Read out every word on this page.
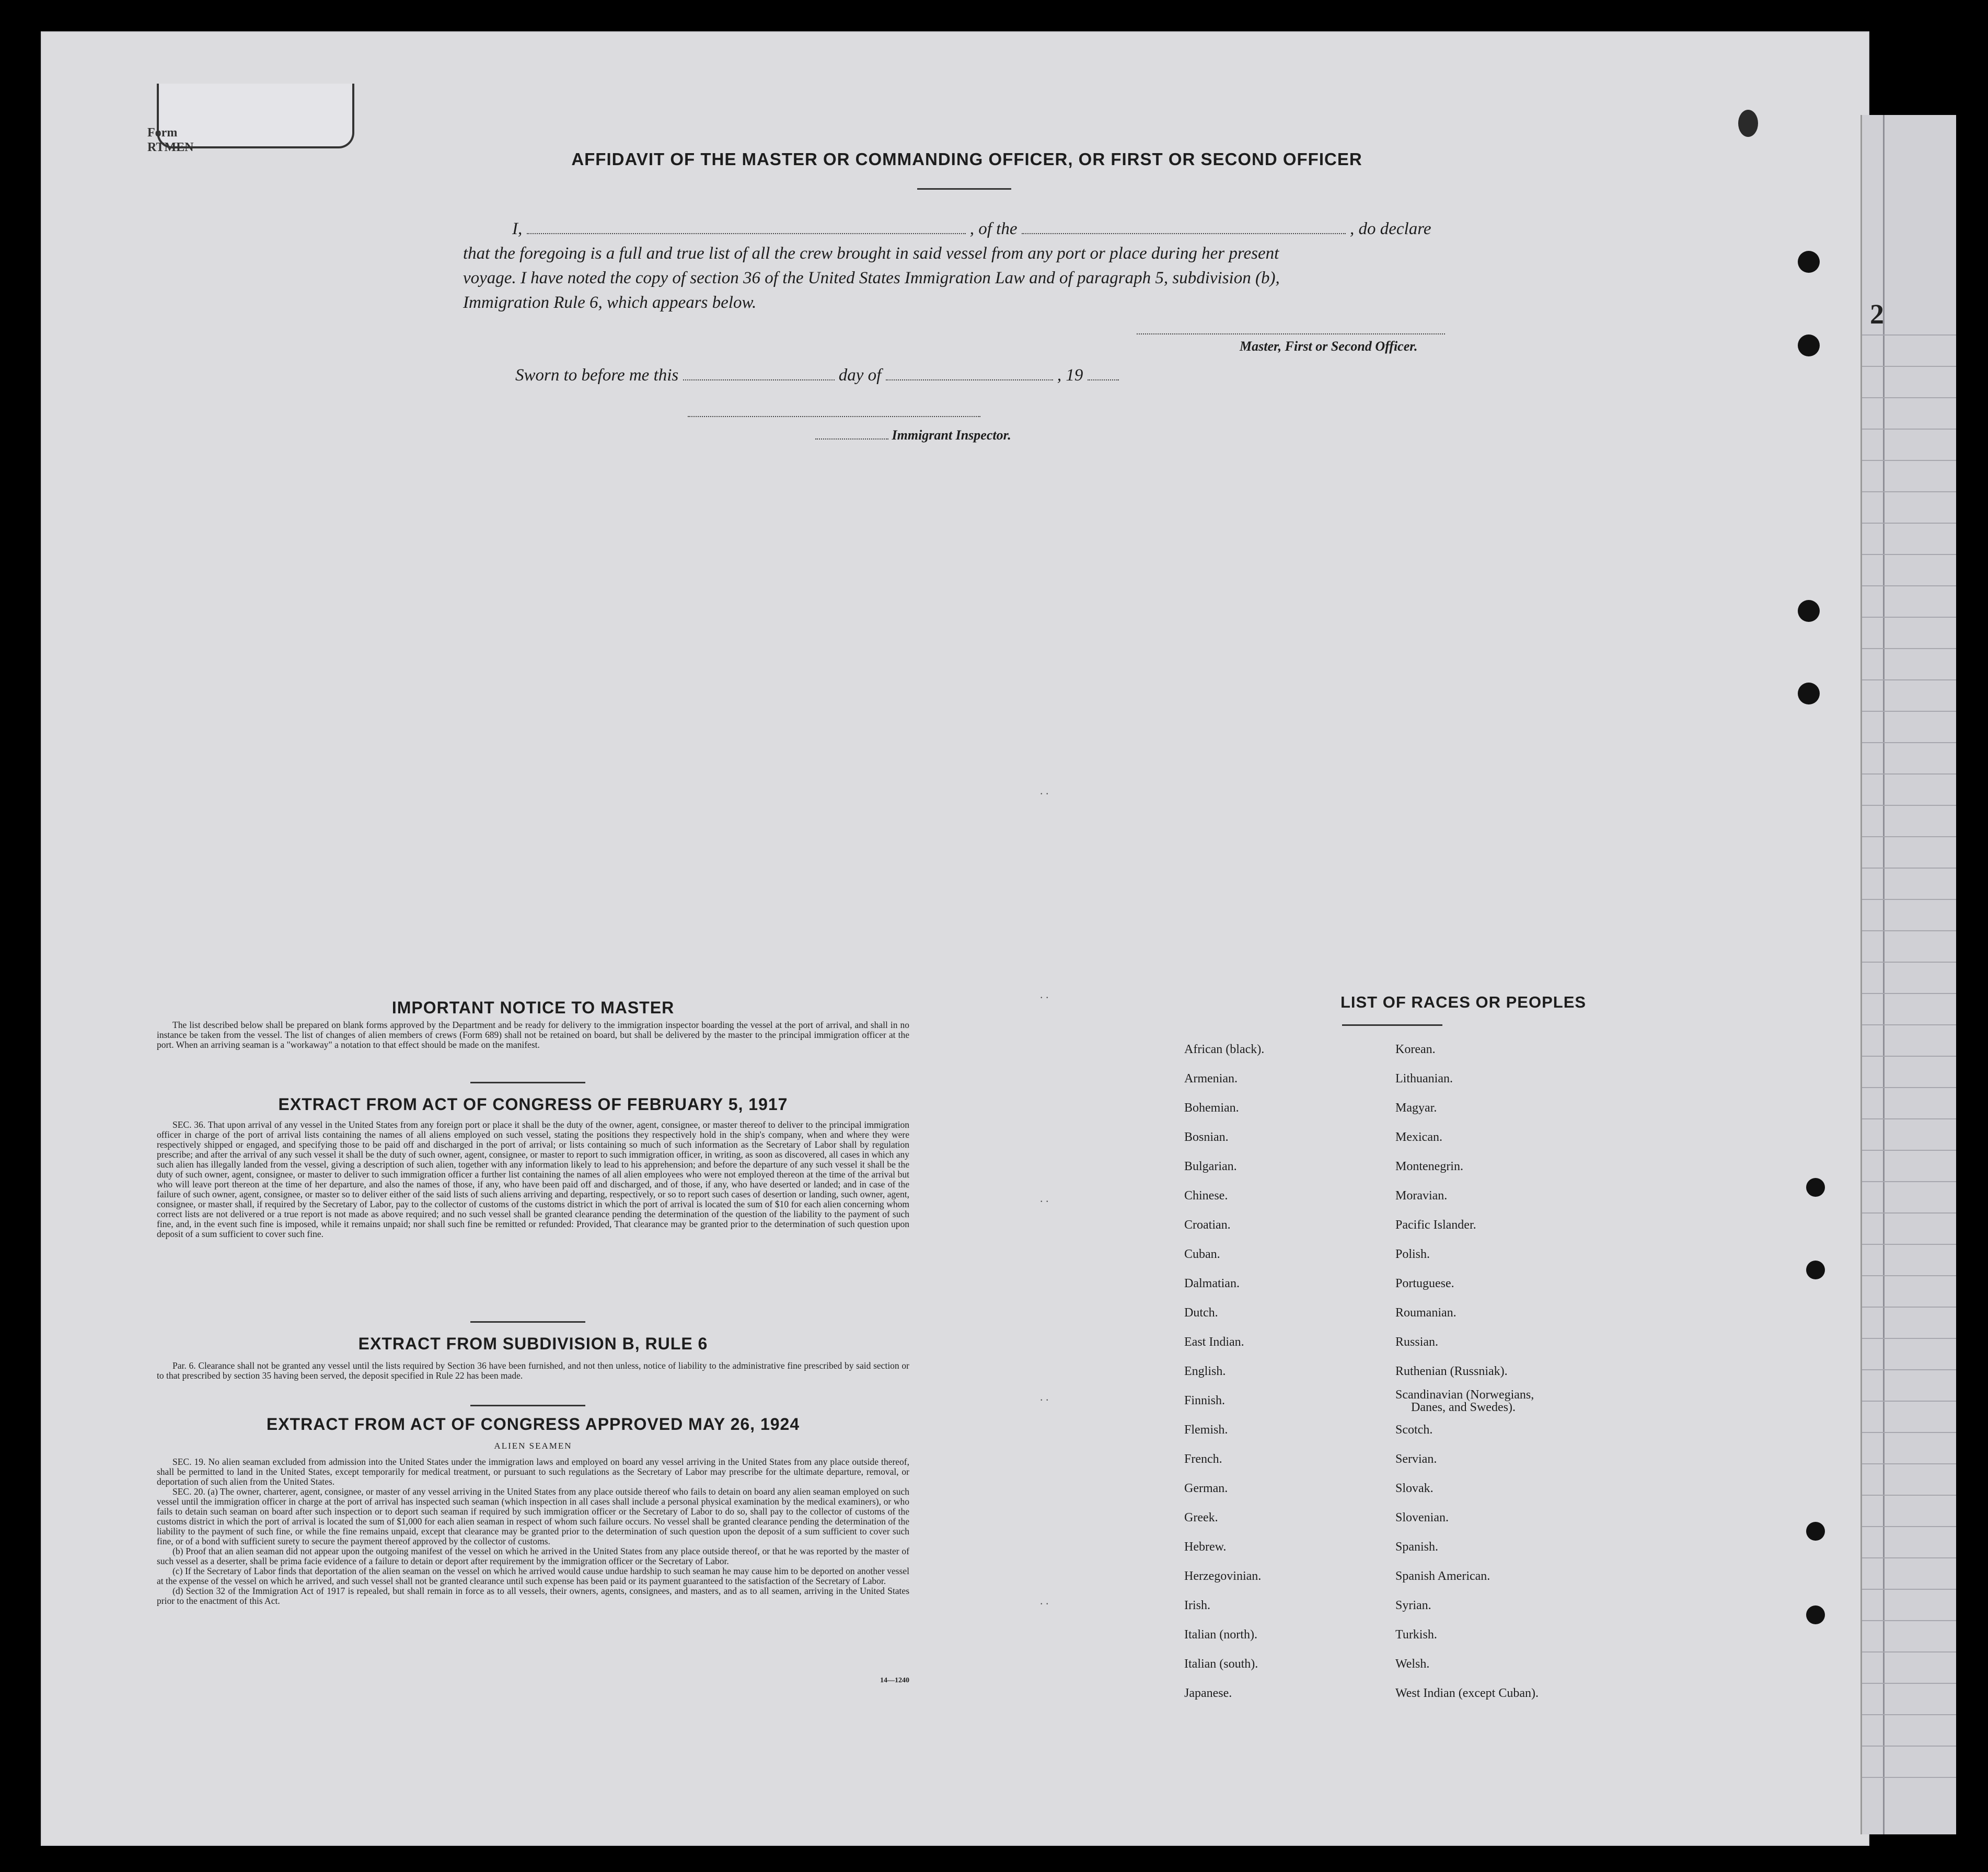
2
Form
RTMEN
AFFIDAVIT OF THE MASTER OR COMMANDING OFFICER, OR FIRST OR SECOND OFFICER
I,	, of the	, do declare
that the foregoing is a full and true list of all the crew brought in said vessel from any port or place during her present
voyage. I have noted the copy of section 36 of the United States Immigration Law and of paragraph 5, subdivision (b),
Immigration Rule 6, which appears below.
Master, First or Second Officer.
Sworn to before me this	day of	, 19
Immigrant Inspector.
IMPORTANT NOTICE TO MASTER

The list described below shall be prepared on blank forms approved by the Department and be ready for delivery to the immigration inspector boarding the vessel at the port of arrival, and shall in no instance be taken from the vessel. The list of changes of alien members of crews (Form 689) shall not be retained on board, but shall be delivered by the master to the principal immigration officer at the port. When an arriving seaman is a "workaway" a notation to that effect should be made on the manifest.

EXTRACT FROM ACT OF CONGRESS OF FEBRUARY 5, 1917

SEC. 36. That upon arrival of any vessel in the United States from any foreign port or place it shall be the duty of the owner, agent, consignee, or master thereof to deliver to the principal immigration officer in charge of the port of arrival lists containing the names of all aliens employed on such vessel, stating the positions they respectively hold in the ship's company, when and where they were respectively shipped or engaged, and specifying those to be paid off and discharged in the port of arrival; or lists containing so much of such information as the Secretary of Labor shall by regulation prescribe; and after the arrival of any such vessel it shall be the duty of such owner, agent, consignee, or master to report to such immigration officer, in writing, as soon as discovered, all cases in which any such alien has illegally landed from the vessel, giving a description of such alien, together with any information likely to lead to his apprehension; and before the departure of any such vessel it shall be the duty of such owner, agent, consignee, or master to deliver to such immigration officer a further list containing the names of all alien employees who were not employed thereon at the time of the arrival but who will leave port thereon at the time of her departure, and also the names of those, if any, who have been paid off and discharged, and of those, if any, who have deserted or landed; and in case of the failure of such owner, agent, consignee, or master so to deliver either of the said lists of such aliens arriving and departing, respectively, or so to report such cases of desertion or landing, such owner, agent, consignee, or master shall, if required by the Secretary of Labor, pay to the collector of customs of the customs district in which the port of arrival is located the sum of $10 for each alien concerning whom correct lists are not delivered or a true report is not made as above required; and no such vessel shall be granted clearance pending the determination of the question of the liability to the payment of such fine, and, in the event such fine is imposed, while it remains unpaid; nor shall such fine be remitted or refunded: Provided, That clearance may be granted prior to the determination of such question upon deposit of a sum sufficient to cover such fine.

EXTRACT FROM SUBDIVISION B, RULE 6

Par. 6. Clearance shall not be granted any vessel until the lists required by Section 36 have been furnished, and not then unless, notice of liability to the administrative fine prescribed by said section or to that prescribed by section 35 having been served, the deposit specified in Rule 22 has been made.

EXTRACT FROM ACT OF CONGRESS APPROVED MAY 26, 1924
ALIEN SEAMEN

SEC. 19. No alien seaman excluded from admission into the United States under the immigration laws and employed on board any vessel arriving in the United States from any place outside thereof, shall be permitted to land in the United States, except temporarily for medical treatment, or pursuant to such regulations as the Secretary of Labor may prescribe for the ultimate departure, removal, or deportation of such alien from the United States.

SEC. 20. (a) The owner, charterer, agent, consignee, or master of any vessel arriving in the United States from any place outside thereof who fails to detain on board any alien seaman employed on such vessel until the immigration officer in charge at the port of arrival has inspected such seaman (which inspection in all cases shall include a personal physical examination by the medical examiners), or who fails to detain such seaman on board after such inspection or to deport such seaman if required by such immigration officer or the Secretary of Labor to do so, shall pay to the collector of customs of the customs district in which the port of arrival is located the sum of $1,000 for each alien seaman in respect of whom such failure occurs. No vessel shall be granted clearance pending the determination of the liability to the payment of such fine, or while the fine remains unpaid, except that clearance may be granted prior to the determination of such question upon the deposit of a sum sufficient to cover such fine, or of a bond with sufficient surety to secure the payment thereof approved by the collector of customs.

(b) Proof that an alien seaman did not appear upon the outgoing manifest of the vessel on which he arrived in the United States from any place outside thereof, or that he was reported by the master of such vessel as a deserter, shall be prima facie evidence of a failure to detain or deport after requirement by the immigration officer or the Secretary of Labor.

(c) If the Secretary of Labor finds that deportation of the alien seaman on the vessel on which he arrived would cause undue hardship to such seaman he may cause him to be deported on another vessel at the expense of the vessel on which he arrived, and such vessel shall not be granted clearance until such expense has been paid or its payment guaranteed to the satisfaction of the Secretary of Labor.

(d) Section 32 of the Immigration Act of 1917 is repealed, but shall remain in force as to all vessels, their owners, agents, consignees, and masters, and as to all seamen, arriving in the United States prior to the enactment of this Act.

14—1240
LIST OF RACES OR PEOPLES
African (black).
Armenian.
Bohemian.
Bosnian.
Bulgarian.
Chinese.
Croatian.
Cuban.
Dalmatian.
Dutch.
East Indian.
English.
Finnish.
Flemish.
French.
German.
Greek.
Hebrew.
Herzegovinian.
Irish.
Italian (north).
Italian (south).
Japanese.
Korean.
Lithuanian.
Magyar.
Mexican.
Montenegrin.
Moravian.
Pacific Islander.
Polish.
Portuguese.
Roumanian.
Russian.
Ruthenian (Russniak).
Scandinavian (Norwegians,
Danes, and Swedes).
Scotch.
Servian.
Slovak.
Slovenian.
Spanish.
Spanish American.
Syrian.
Turkish.
Welsh.
West Indian (except Cuban).
. .
. .
. .
. .
. .
